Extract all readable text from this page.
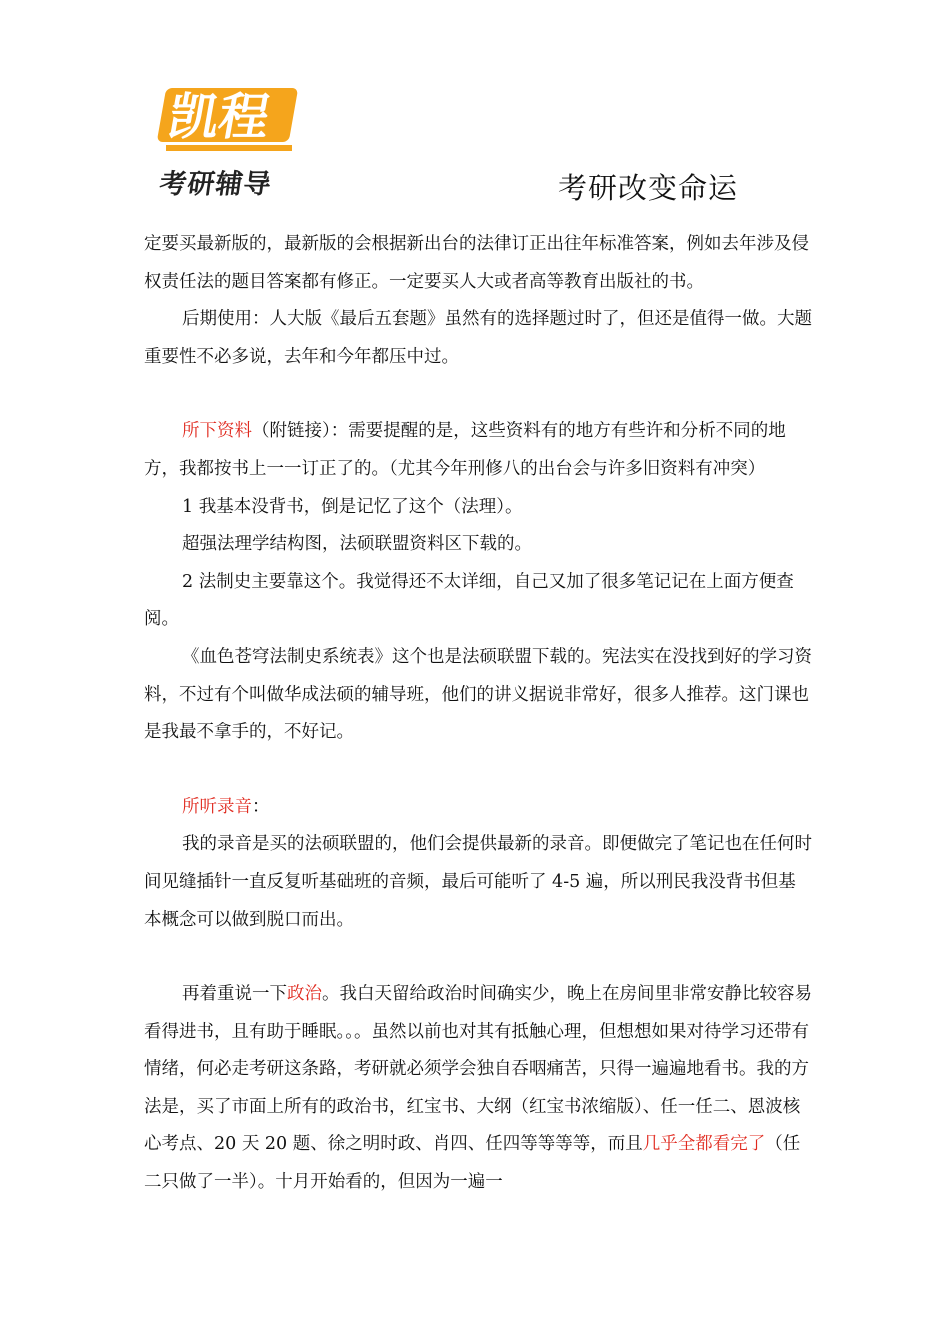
凯程
考研辅导	考研改变命运

定要买最新版的，最新版的会根据新出台的法律订正出往年标准答案，例如去年涉及侵权责任法的题目答案都有修正。一定要买人大或者高等教育出版社的书。

后期使用：人大版《最后五套题》虽然有的选择题过时了，但还是值得一做。大题重要性不必多说，去年和今年都压中过。

所下资料（附链接）：需要提醒的是，这些资料有的地方有些许和分析不同的地方，我都按书上一一订正了的。（尤其今年刑修八的出台会与许多旧资料有冲突）

1 我基本没背书，倒是记忆了这个（法理）。

超强法理学结构图，法硕联盟资料区下载的。

2 法制史主要靠这个。我觉得还不太详细，自己又加了很多笔记记在上面方便查阅。

《血色苍穹法制史系统表》这个也是法硕联盟下载的。宪法实在没找到好的学习资料，不过有个叫做华成法硕的辅导班，他们的讲义据说非常好，很多人推荐。这门课也是我最不拿手的，不好记。

所听录音：

我的录音是买的法硕联盟的，他们会提供最新的录音。即便做完了笔记也在任何时间见缝插针一直反复听基础班的音频，最后可能听了 4-5 遍，所以刑民我没背书但基本概念可以做到脱口而出。

再着重说一下政治。我白天留给政治时间确实少，晚上在房间里非常安静比较容易看得进书，且有助于睡眠。。。虽然以前也对其有抵触心理，但想想如果对待学习还带有情绪，何必走考研这条路，考研就必须学会独自吞咽痛苦，只得一遍遍地看书。我的方法是，买了市面上所有的政治书，红宝书、大纲（红宝书浓缩版）、任一任二、恩波核心考点、20 天 20 题、徐之明时政、肖四、任四等等等等，而且几乎全都看完了（任二只做了一半）。十月开始看的，但因为一遍一
